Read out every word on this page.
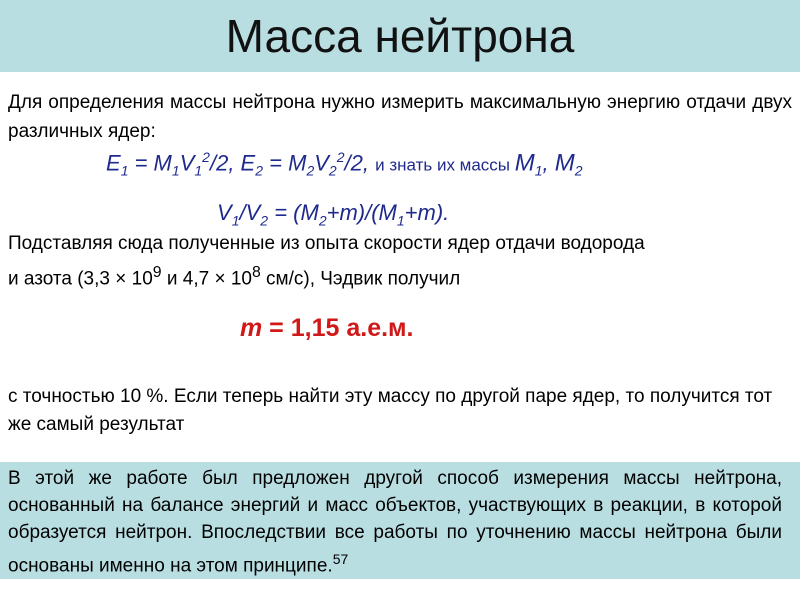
Масса нейтрона
Для определения массы нейтрона нужно измерить максимальную энергию отдачи двух различных ядер:
$E_1 = M_1V_1^2/2$, $E_2 = M_2V_2^2/2$, и знать их массы $M_1$, $M_2$
$V_1/V_2 = (M_2+m)/(M_1+m)$.
Подставляя сюда полученные из опыта скорости ядер отдачи водорода
и азота ($3,3 \times 10^9$ и $4,7 \times 10^8$ см/с), Чэдвик получил
m = 1,15 а.е.м.
с точностью 10 %. Если теперь найти эту массу по другой паре ядер, то получится тот же самый результат
В этой же работе был предложен другой способ измерения массы нейтрона, основанный на балансе энергий и масс объектов, участвующих в реакции, в которой образуется нейтрон. Впоследствии все работы по уточнению массы нейтрона были основаны именно на этом принципе.$^{57}$
